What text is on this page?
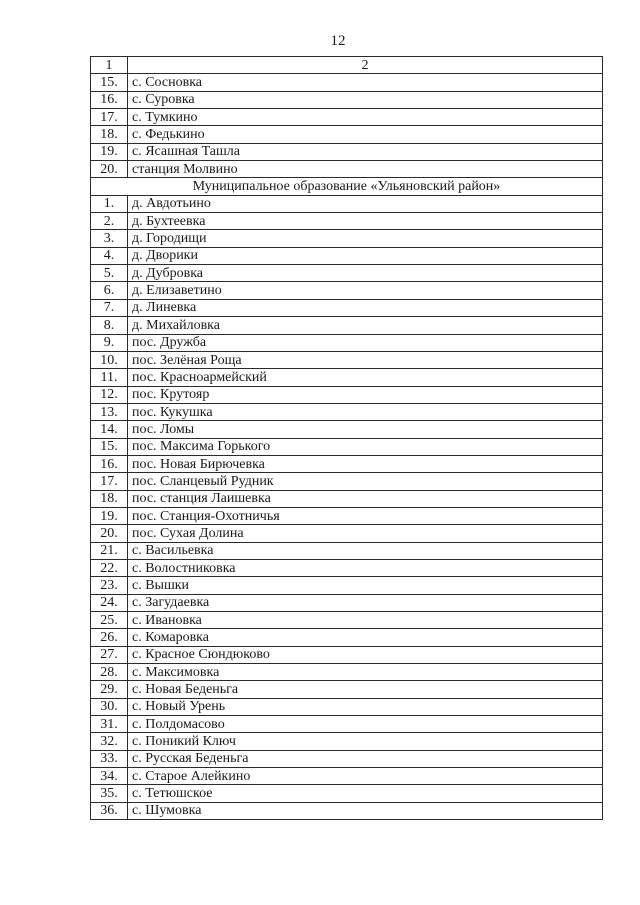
12
1	2
15.	с. Сосновка
16.	с. Суровка
17.	с. Тумкино
18.	с. Федькино
19.	с. Ясашная Ташла
20.	станция Молвино
Муниципальное образование «Ульяновский район»	
1.	д. Авдотьино
2.	д. Бухтеевка
3.	д. Городищи
4.	д. Дворики
5.	д. Дубровка
6.	д. Елизаветино
7.	д. Линевка
8.	д. Михайловка
9.	пос. Дружба
10.	пос. Зелёная Роща
11.	пос. Красноармейский
12.	пос. Крутояр
13.	пос. Кукушка
14.	пос. Ломы
15.	пос. Максима Горького
16.	пос. Новая Бирючевка
17.	пос. Сланцевый Рудник
18.	пос. станция Лаишевка
19.	пос. Станция-Охотничья
20.	пос. Сухая Долина
21.	с. Васильевка
22.	с. Волостниковка
23.	с. Вышки
24.	с. Загудаевка
25.	с. Ивановка
26.	с. Комаровка
27.	с. Красное Сюндюково
28.	с. Максимовка
29.	с. Новая Беденьга
30.	с. Новый Урень
31.	с. Полдомасово
32.	с. Поникий Ключ
33.	с. Русская Беденьга
34.	с. Старое Алейкино
35.	с. Тетюшское
36.	с. Шумовка
